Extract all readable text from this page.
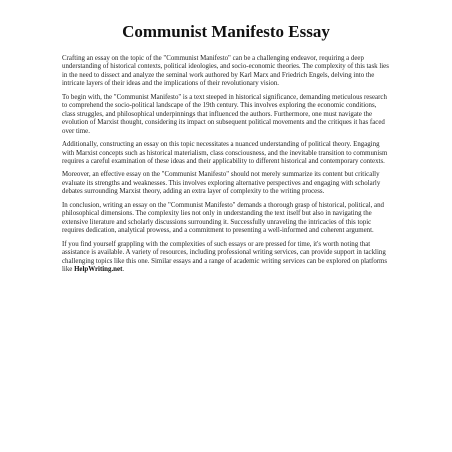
Communist Manifesto Essay

Crafting an essay on the topic of the "Communist Manifesto" can be a challenging endeavor, requiring a deep understanding of historical contexts, political ideologies, and socio-economic theories. The complexity of this task lies in the need to dissect and analyze the seminal work authored by Karl Marx and Friedrich Engels, delving into the intricate layers of their ideas and the implications of their revolutionary vision.

To begin with, the "Communist Manifesto" is a text steeped in historical significance, demanding meticulous research to comprehend the socio-political landscape of the 19th century. This involves exploring the economic conditions, class struggles, and philosophical underpinnings that influenced the authors. Furthermore, one must navigate the evolution of Marxist thought, considering its impact on subsequent political movements and the critiques it has faced over time.

Additionally, constructing an essay on this topic necessitates a nuanced understanding of political theory. Engaging with Marxist concepts such as historical materialism, class consciousness, and the inevitable transition to communism requires a careful examination of these ideas and their applicability to different historical and contemporary contexts.

Moreover, an effective essay on the "Communist Manifesto" should not merely summarize its content but critically evaluate its strengths and weaknesses. This involves exploring alternative perspectives and engaging with scholarly debates surrounding Marxist theory, adding an extra layer of complexity to the writing process.

In conclusion, writing an essay on the "Communist Manifesto" demands a thorough grasp of historical, political, and philosophical dimensions. The complexity lies not only in understanding the text itself but also in navigating the extensive literature and scholarly discussions surrounding it. Successfully unraveling the intricacies of this topic requires dedication, analytical prowess, and a commitment to presenting a well-informed and coherent argument.

If you find yourself grappling with the complexities of such essays or are pressed for time, it's worth noting that assistance is available. A variety of resources, including professional writing services, can provide support in tackling challenging topics like this one. Similar essays and a range of academic writing services can be explored on platforms like HelpWriting.net.
